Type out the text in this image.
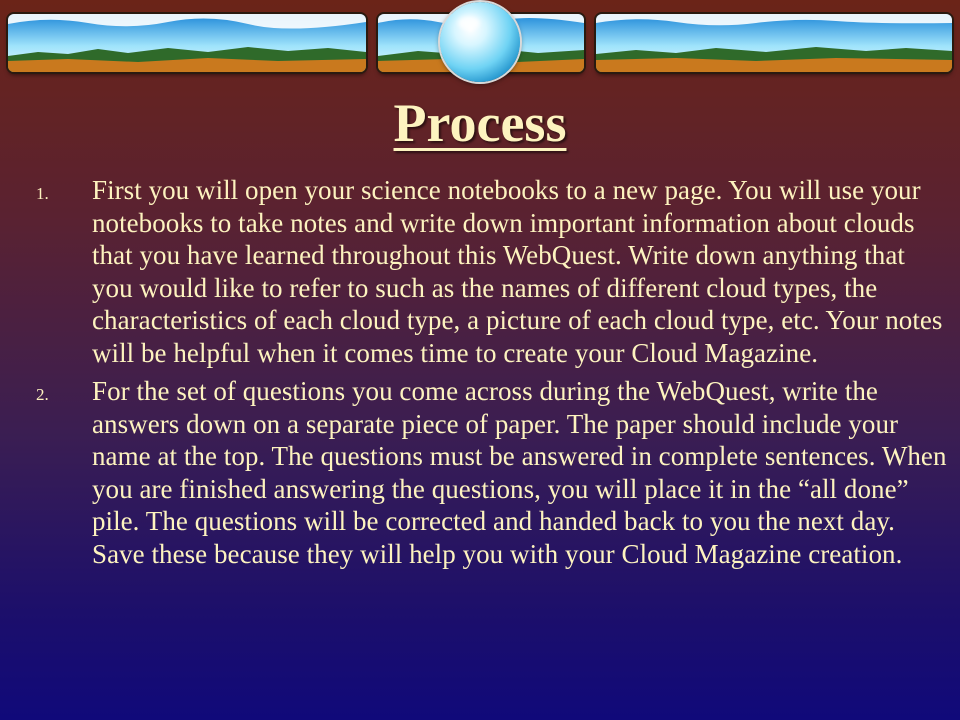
Process
1. First you will open your science notebooks to a new page. You will use your notebooks to take notes and write down important information about clouds that you have learned throughout this WebQuest. Write down anything that you would like to refer to such as the names of different cloud types, the characteristics of each cloud type, a picture of each cloud type, etc. Your notes will be helpful when it comes time to create your Cloud Magazine.
2. For the set of questions you come across during the WebQuest, write the answers down on a separate piece of paper. The paper should include your name at the top. The questions must be answered in complete sentences. When you are finished answering the questions, you will place it in the “all done” pile. The questions will be corrected and handed back to you the next day. Save these because they will help you with your Cloud Magazine creation.
